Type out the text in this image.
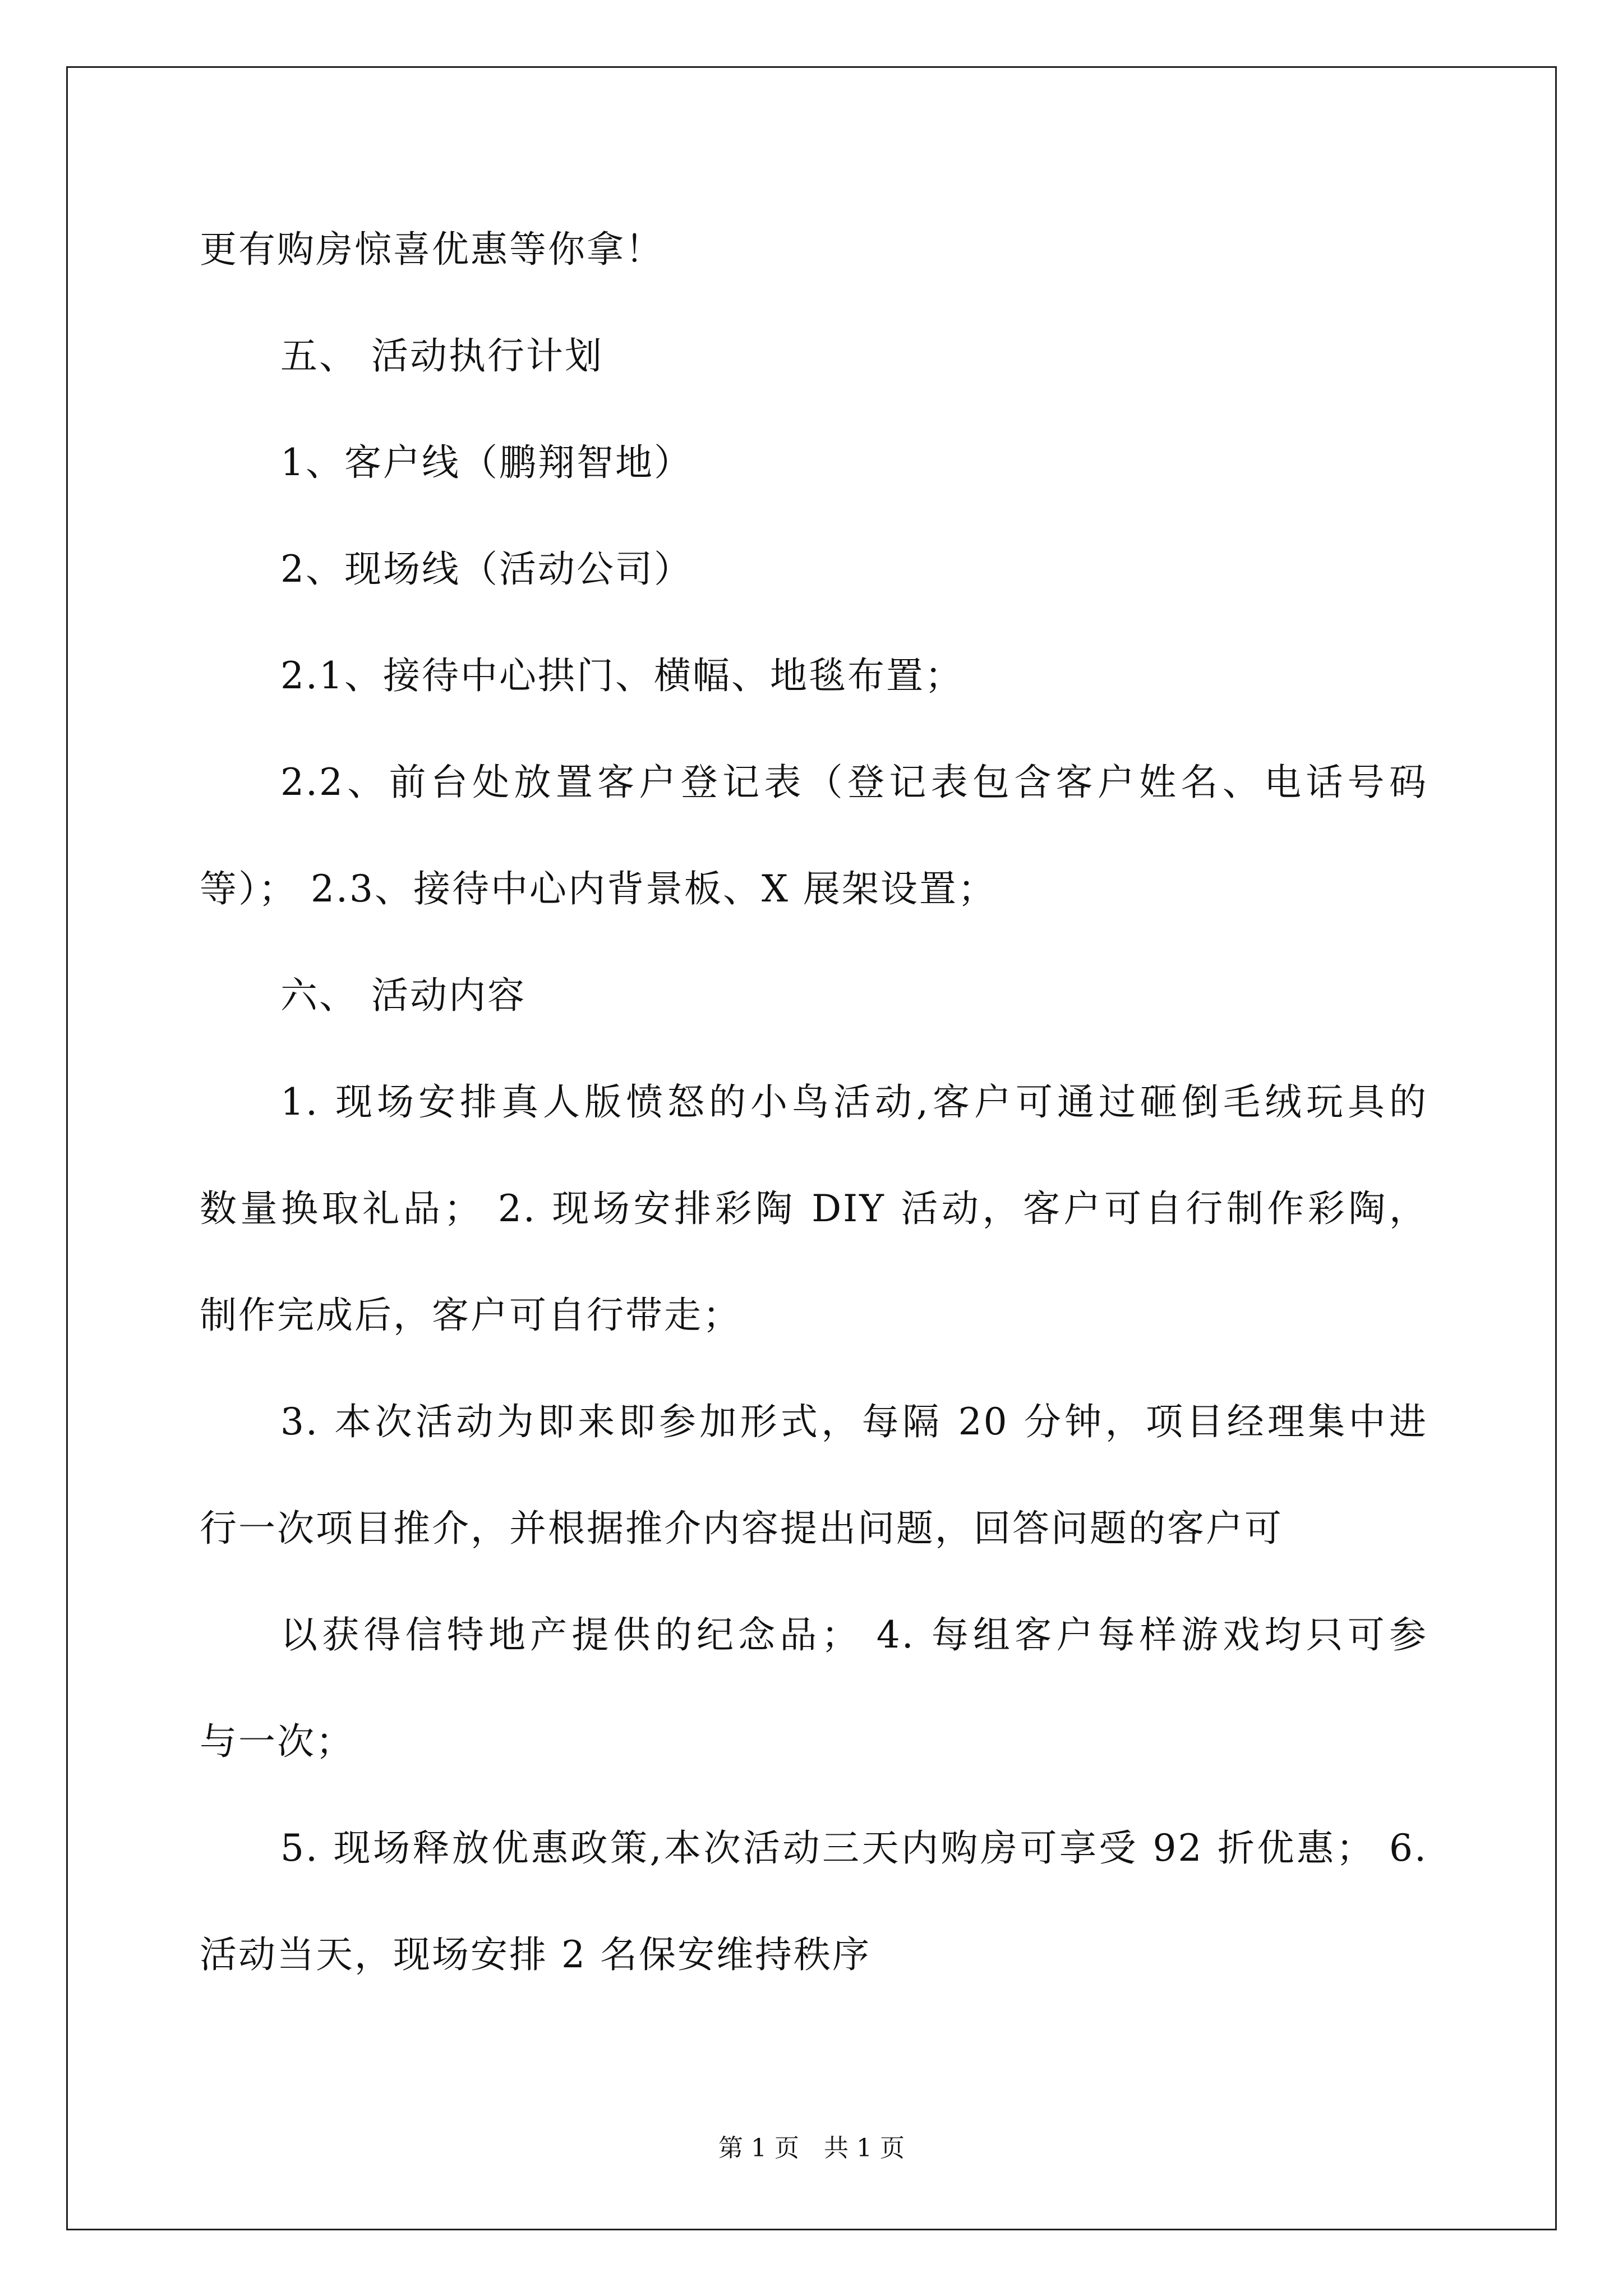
更有购房惊喜优惠等你拿！
五、 活动执行计划
1、客户线（鹏翔智地）
2、现场线（活动公司）
2.1、接待中心拱门、横幅、地毯布置；
2.2、前台处放置客户登记表（登记表包含客户姓名、电话号码
等）； 2.3、接待中心内背景板、X 展架设置；
六、 活动内容
1. 现场安排真人版愤怒的小鸟活动,客户可通过砸倒毛绒玩具的
数量换取礼品； 2. 现场安排彩陶 DIY 活动，客户可自行制作彩陶，
制作完成后，客户可自行带走；
3. 本次活动为即来即参加形式，每隔 20 分钟，项目经理集中进
行一次项目推介，并根据推介内容提出问题，回答问题的客户可
以获得信特地产提供的纪念品； 4. 每组客户每样游戏均只可参
与一次；
5. 现场释放优惠政策,本次活动三天内购房可享受 92 折优惠； 6.
活动当天，现场安排 2 名保安维持秩序
第 1 页　共 1 页
